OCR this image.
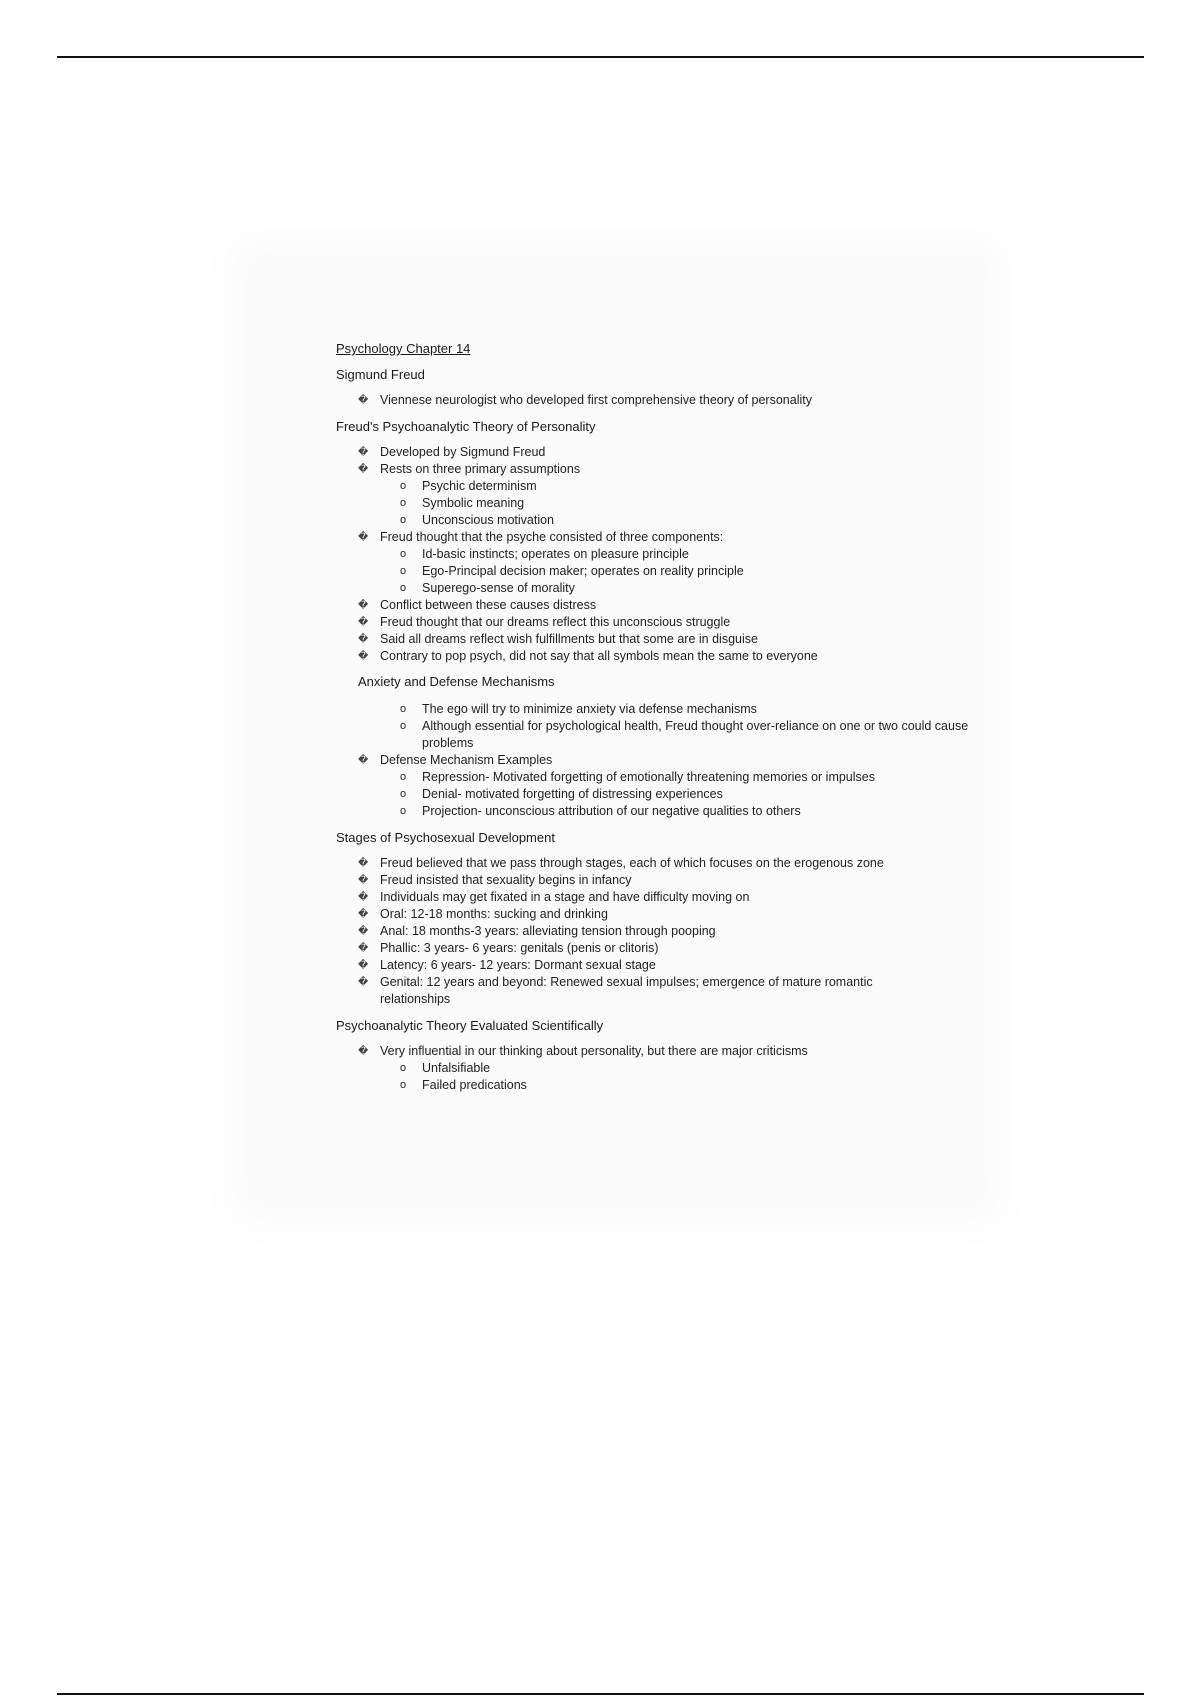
Psychology Chapter 14

Sigmund Freud

� Viennese neurologist who developed first comprehensive theory of personality

Freud's Psychoanalytic Theory of Personality

� Developed by Sigmund Freud

� Rests on three primary assumptions

o Psychic determinism

o Symbolic meaning

o Unconscious motivation

� Freud thought that the psyche consisted of three components:

o Id-basic instincts; operates on pleasure principle

o Ego-Principal decision maker; operates on reality principle

o Superego-sense of morality

� Conflict between these causes distress

� Freud thought that our dreams reflect this unconscious struggle

� Said all dreams reflect wish fulfillments but that some are in disguise

� Contrary to pop psych, did not say that all symbols mean the same to everyone

Anxiety and Defense Mechanisms

o The ego will try to minimize anxiety via defense mechanisms

o Although essential for psychological health, Freud thought over-reliance on one or two could cause problems

� Defense Mechanism Examples

o Repression- Motivated forgetting of emotionally threatening memories or impulses

o Denial- motivated forgetting of distressing experiences

o Projection- unconscious attribution of our negative qualities to others

Stages of Psychosexual Development

� Freud believed that we pass through stages, each of which focuses on the erogenous zone

� Freud insisted that sexuality begins in infancy

� Individuals may get fixated in a stage and have difficulty moving on

� Oral: 12-18 months: sucking and drinking

� Anal: 18 months-3 years: alleviating tension through pooping

� Phallic: 3 years- 6 years: genitals (penis or clitoris)

� Latency: 6 years- 12 years: Dormant sexual stage

� Genital: 12 years and beyond: Renewed sexual impulses; emergence of mature romantic relationships

Psychoanalytic Theory Evaluated Scientifically

� Very influential in our thinking about personality, but there are major criticisms

o Unfalsifiable

o Failed predications
